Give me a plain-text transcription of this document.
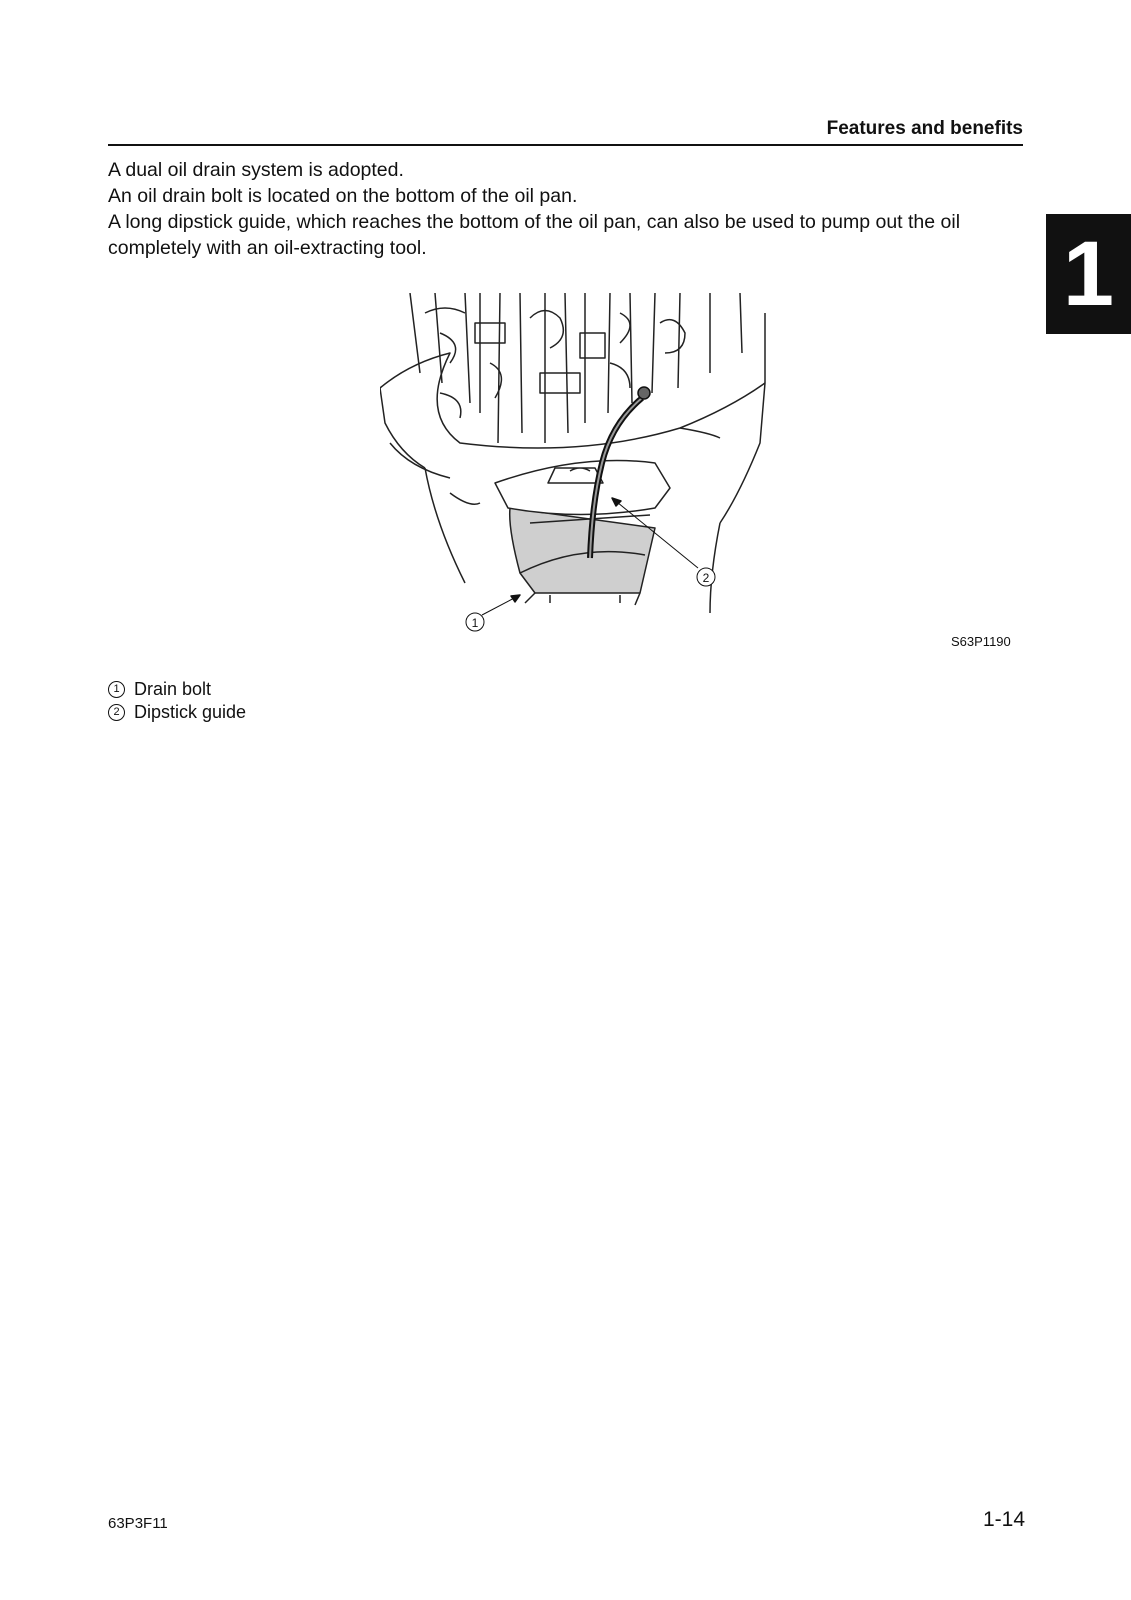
Features and benefits
1

A dual oil drain system is adopted.

An oil drain bolt is located on the bottom of the oil pan.

A long dipstick guide, which reaches the bottom of the oil pan, can also be used to pump out the oil completely with an oil-extracting tool.

2
1
S63P1190
1 Drain bolt
2 Dipstick guide
63P3F11	1-14
